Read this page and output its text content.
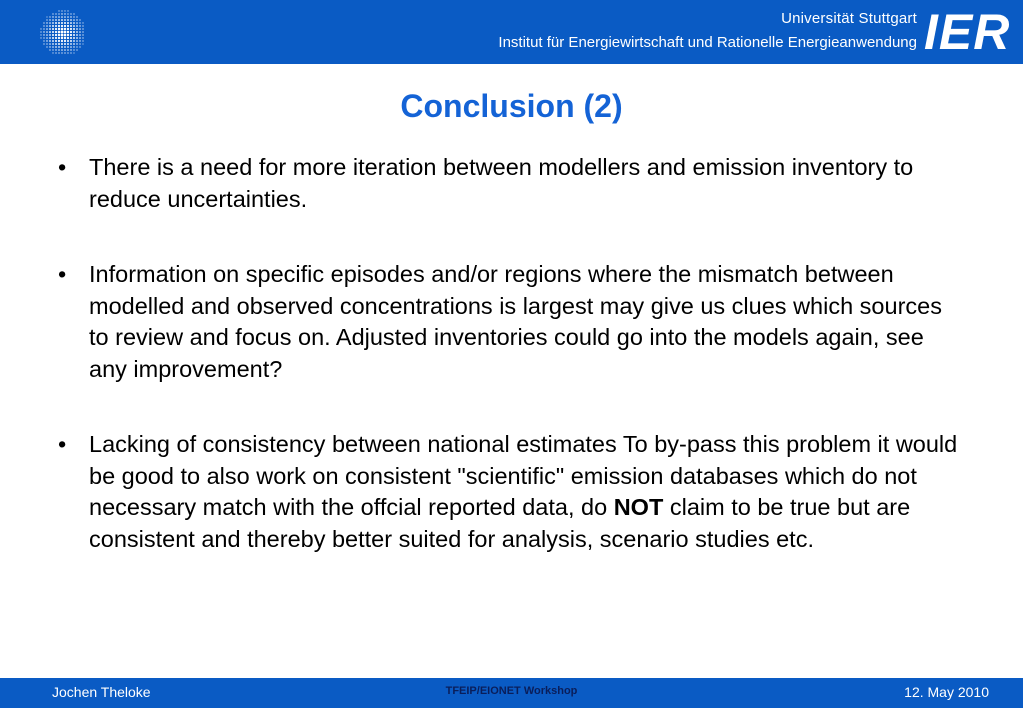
Universität Stuttgart
Institut für Energiewirtschaft und Rationelle Energieanwendung IER
Conclusion (2)
• There is a need for more iteration between modellers and emission inventory to reduce uncertainties.
• Information on specific episodes and/or regions where the mismatch between modelled and observed concentrations is largest may give us clues which sources to review and focus on. Adjusted inventories could go into the models again, see any improvement?
• Lacking of consistency between national estimates To by-pass this problem it would be good to also work on consistent "scientific" emission databases which do not necessary match with the offcial reported data, do NOT claim to be true but are consistent and thereby better suited for analysis, scenario studies etc.
Jochen Theloke	TFEIP/EIONET Workshop	12. May 2010
